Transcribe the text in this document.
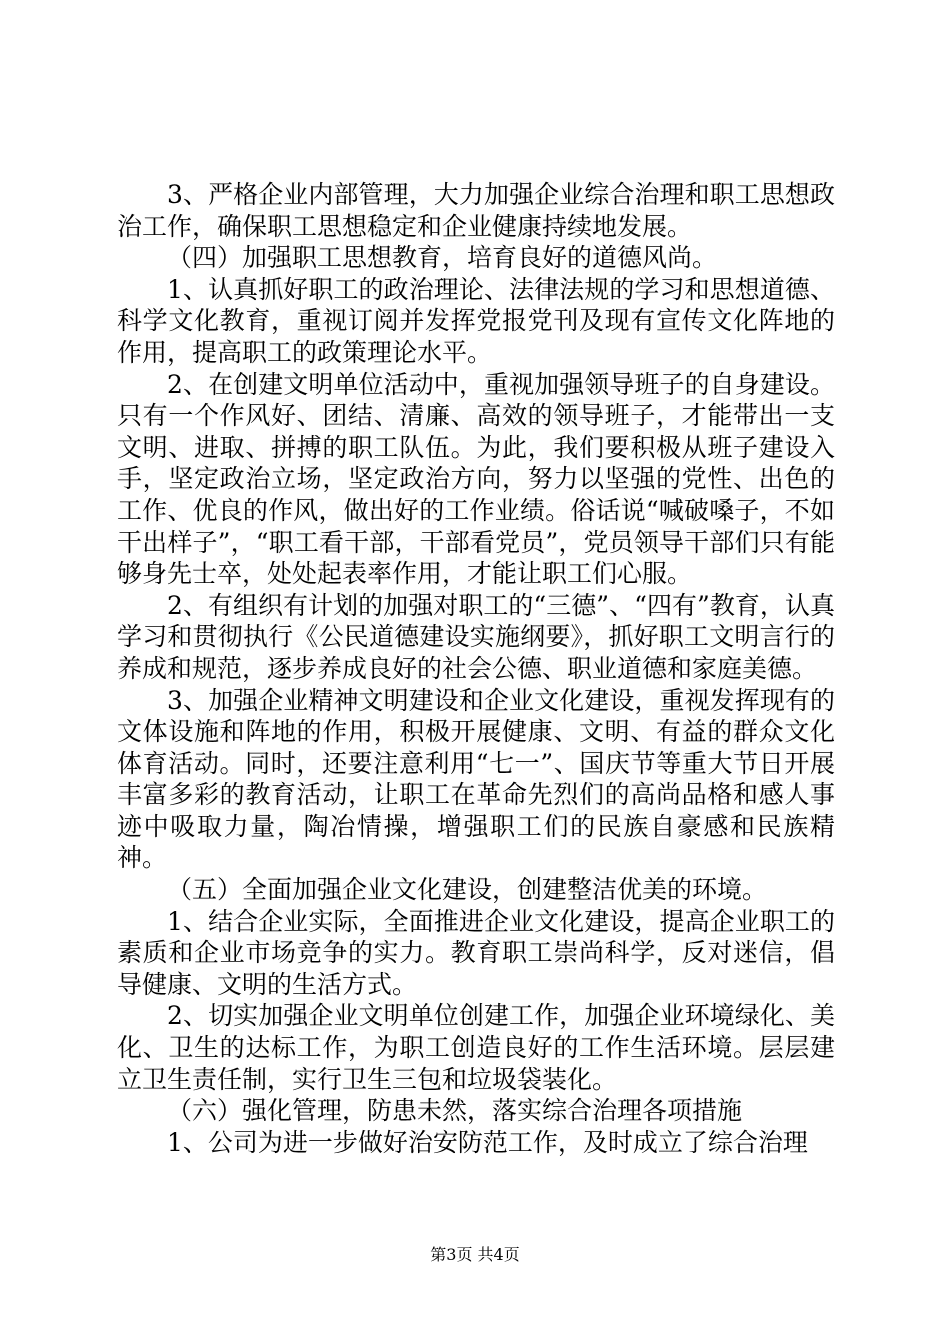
3、严格企业内部管理，大力加强企业综合治理和职工思想政治工作，确保职工思想稳定和企业健康持续地发展。

（四）加强职工思想教育，培育良好的道德风尚。

1、认真抓好职工的政治理论、法律法规的学习和思想道德、科学文化教育，重视订阅并发挥党报党刊及现有宣传文化阵地的作用，提高职工的政策理论水平。

2、在创建文明单位活动中，重视加强领导班子的自身建设。只有一个作风好、团结、清廉、高效的领导班子，才能带出一支文明、进取、拼搏的职工队伍。为此，我们要积极从班子建设入手，坚定政治立场，坚定政治方向，努力以坚强的党性、出色的工作、优良的作风，做出好的工作业绩。俗话说“喊破嗓子，不如干出样子”，“职工看干部，干部看党员”，党员领导干部们只有能够身先士卒，处处起表率作用，才能让职工们心服。

2、有组织有计划的加强对职工的“三德”、“四有”教育，认真学习和贯彻执行《公民道德建设实施纲要》，抓好职工文明言行的养成和规范，逐步养成良好的社会公德、职业道德和家庭美德。

3、加强企业精神文明建设和企业文化建设，重视发挥现有的文体设施和阵地的作用，积极开展健康、文明、有益的群众文化体育活动。同时，还要注意利用“七一”、国庆节等重大节日开展丰富多彩的教育活动，让职工在革命先烈们的高尚品格和感人事迹中吸取力量，陶冶情操，增强职工们的民族自豪感和民族精神。

（五）全面加强企业文化建设，创建整洁优美的环境。

1、结合企业实际，全面推进企业文化建设，提高企业职工的素质和企业市场竞争的实力。教育职工崇尚科学，反对迷信，倡导健康、文明的生活方式。

2、切实加强企业文明单位创建工作，加强企业环境绿化、美化、卫生的达标工作，为职工创造良好的工作生活环境。层层建立卫生责任制，实行卫生三包和垃圾袋装化。

（六）强化管理，防患未然，落实综合治理各项措施

1、公司为进一步做好治安防范工作，及时成立了综合治理

第3页 共4页
